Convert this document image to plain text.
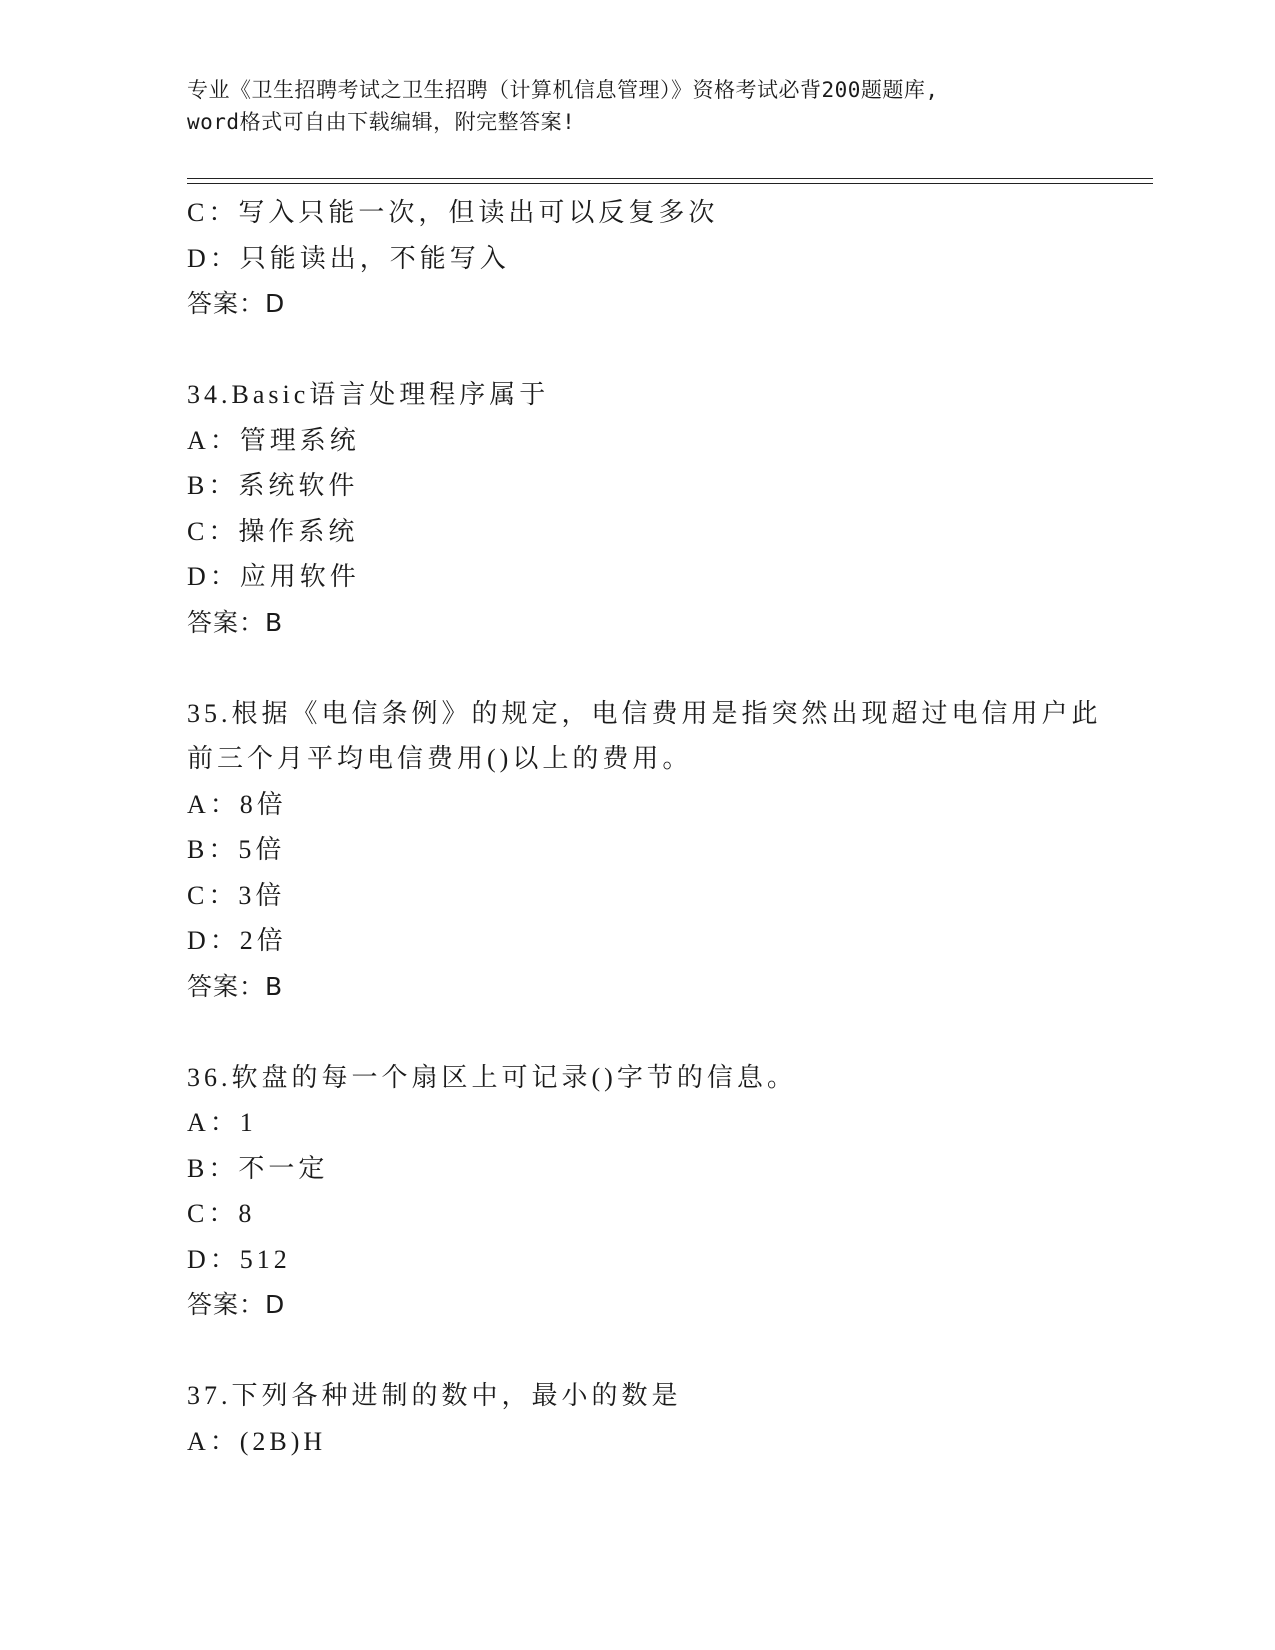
专业《卫生招聘考试之卫生招聘（计算机信息管理）》资格考试必背200题题库,
word格式可自由下载编辑，附完整答案!
C：写入只能一次，但读出可以反复多次
D：只能读出，不能写入
答案：D
34.Basic语言处理程序属于
A：管理系统
B：系统软件
C：操作系统
D：应用软件
答案：B
35.根据《电信条例》的规定，电信费用是指突然出现超过电信用户此
前三个月平均电信费用()以上的费用。
A：8倍
B：5倍
C：3倍
D：2倍
答案：B
36.软盘的每一个扇区上可记录()字节的信息。
A：1
B：不一定
C：8
D：512
答案：D
37.下列各种进制的数中，最小的数是
A：(2B)H
